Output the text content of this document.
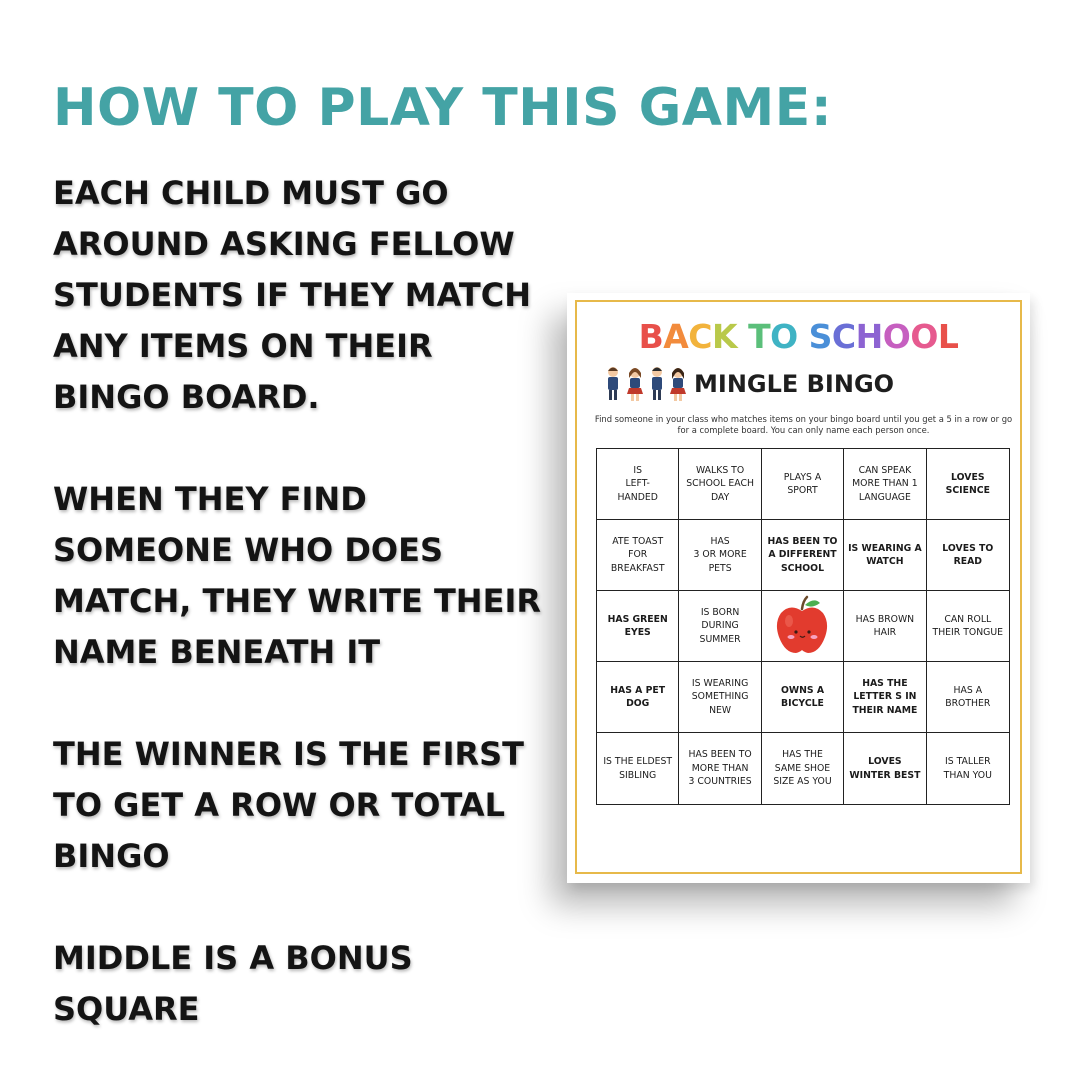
HOW TO PLAY THIS GAME:
EACH CHILD MUST GO
AROUND ASKING FELLOW
STUDENTS IF THEY MATCH
ANY ITEMS ON THEIR
BINGO BOARD.
WHEN THEY FIND
SOMEONE WHO DOES
MATCH, THEY WRITE THEIR
NAME BENEATH IT
THE WINNER IS THE FIRST
TO GET A ROW OR TOTAL
BINGO
MIDDLE IS A BONUS
SQUARE
BACK TO SCHOOL
MINGLE BINGO
Find someone in your class who matches items on your bingo board until you get a 5 in a row or go for a complete board. You can only name each person once.
IS
LEFT-
HANDED
WALKS TO
SCHOOL EACH
DAY
PLAYS A
SPORT
CAN SPEAK
MORE THAN 1
LANGUAGE
LOVES
SCIENCE
ATE TOAST
FOR
BREAKFAST
HAS
3 OR MORE
PETS
HAS BEEN TO
A DIFFERENT
SCHOOL
IS WEARING A
WATCH
LOVES TO
READ
HAS GREEN
EYES
IS BORN
DURING
SUMMER
HAS BROWN
HAIR
CAN ROLL
THEIR TONGUE
HAS A PET
DOG
IS WEARING
SOMETHING
NEW
OWNS A
BICYCLE
HAS THE
LETTER S IN
THEIR NAME
HAS A
BROTHER
IS THE ELDEST
SIBLING
HAS BEEN TO
MORE THAN
3 COUNTRIES
HAS THE
SAME SHOE
SIZE AS YOU
LOVES
WINTER BEST
IS TALLER
THAN YOU
